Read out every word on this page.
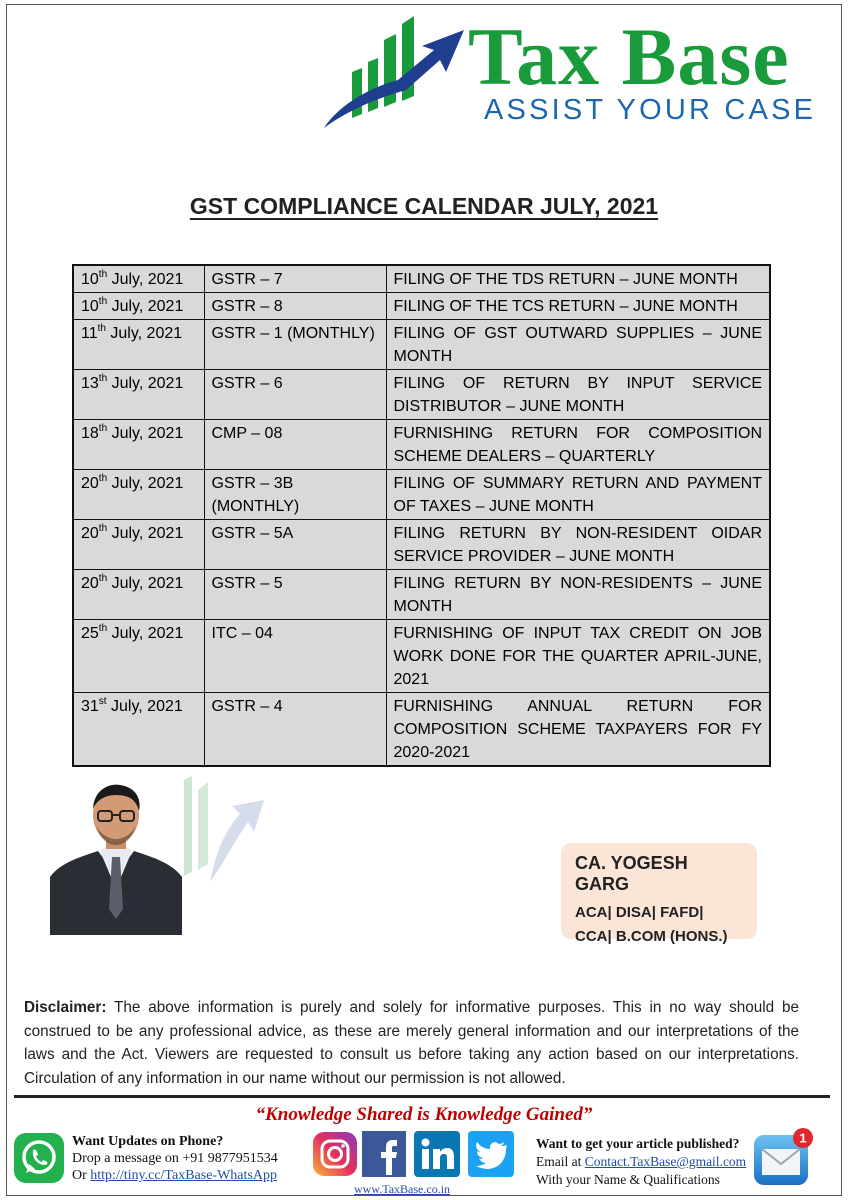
Tax Base
ASSIST YOUR CASE
GST COMPLIANCE CALENDAR JULY, 2021
10th July, 2021	GSTR – 7	FILING OF THE TDS RETURN – JUNE MONTH
10th July, 2021	GSTR – 8	FILING OF THE TCS RETURN – JUNE MONTH
11th July, 2021	GSTR – 1 (MONTHLY)	FILING OF GST OUTWARD SUPPLIES – JUNE MONTH
13th July, 2021	GSTR – 6	FILING OF RETURN BY INPUT SERVICE DISTRIBUTOR – JUNE MONTH
18th July, 2021	CMP – 08	FURNISHING RETURN FOR COMPOSITION SCHEME DEALERS – QUARTERLY
20th July, 2021	GSTR – 3B (MONTHLY)	FILING OF SUMMARY RETURN AND PAYMENT OF TAXES – JUNE MONTH
20th July, 2021	GSTR – 5A	FILING RETURN BY NON-RESIDENT OIDAR SERVICE PROVIDER – JUNE MONTH
20th July, 2021	GSTR – 5	FILING RETURN BY NON-RESIDENTS – JUNE MONTH
25th July, 2021	ITC – 04	FURNISHING OF INPUT TAX CREDIT ON JOB WORK DONE FOR THE QUARTER APRIL-JUNE, 2021
31st July, 2021	GSTR – 4	FURNISHING ANNUAL RETURN FOR COMPOSITION SCHEME TAXPAYERS FOR FY 2020-2021
CA. YOGESH GARG
ACA| DISA| FAFD|
CCA| B.COM (HONS.)
Disclaimer: The above information is purely and solely for informative purposes. This in no way should be construed to be any professional advice, as these are merely general information and our interpretations of the laws and the Act. Viewers are requested to consult us before taking any action based on our interpretations. Circulation of any information in our name without our permission is not allowed.
“Knowledge Shared is Knowledge Gained”
Want Updates on Phone?
Drop a message on +91 9877951534
Or http://tiny.cc/TaxBase-WhatsApp
www.TaxBase.co.in
Want to get your article published?
Email at Contact.TaxBase@gmail.com
With your Name & Qualifications
1
